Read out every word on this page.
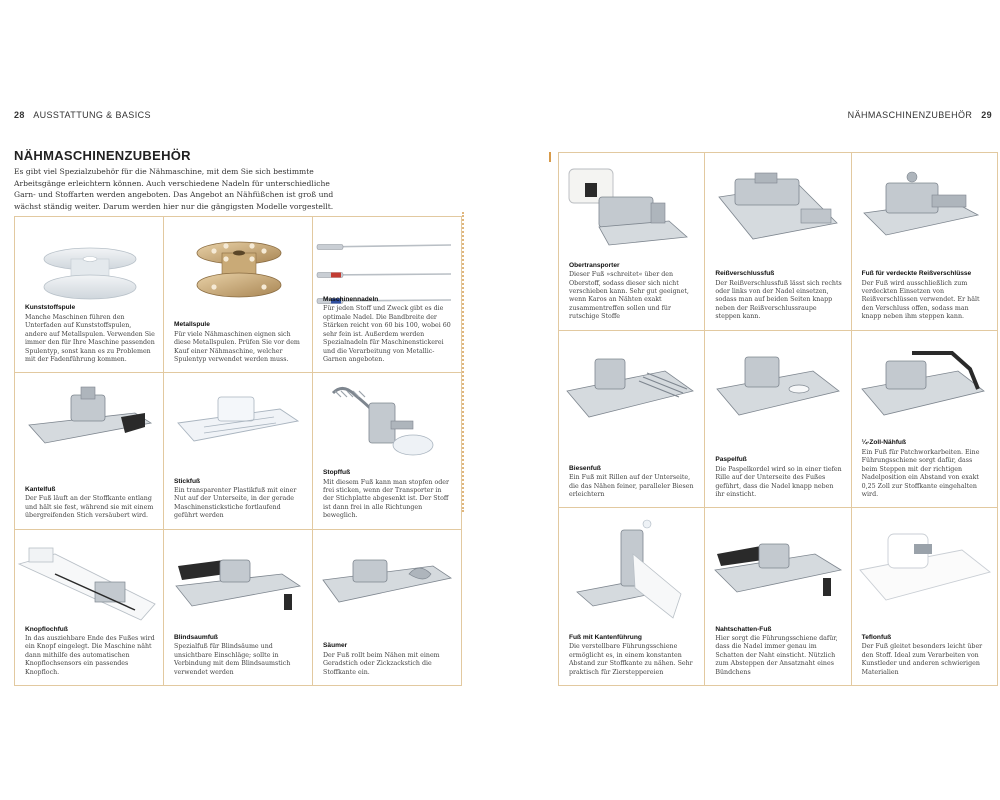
28 AUSSTATTUNG & BASICS
NÄHMASCHINENZUBEHÖR
Es gibt viel Spezialzubehör für die Nähmaschine, mit dem Sie sich bestimmte Arbeitsgänge erleichtern können. Auch verschiedene Nadeln für unterschiedliche Garn- und Stoffarten werden angeboten. Das Angebot an Nähfüßchen ist groß und wächst ständig weiter. Darum werden hier nur die gängigsten Modelle vorgestellt.
Kunststoffspule
Manche Maschinen führen den Unterfaden auf Kunststoffspulen, andere auf Metallspulen. Verwenden Sie immer den für Ihre Maschine passenden Spulentyp, sonst kann es zu Problemen mit der Fadenführung kommen.
Metallspule
Für viele Nähmaschinen eignen sich diese Metallspulen. Prüfen Sie vor dem Kauf einer Nähmaschine, welcher Spulentyp verwendet werden muss.
Maschinennadeln
Für jeden Stoff und Zweck gibt es die optimale Nadel. Die Bandbreite der Stärken reicht von 60 bis 100, wobei 60 sehr fein ist. Außerdem werden Spezialnadeln für Maschinenstickerei und die Verarbeitung von Metallic-Garnen angeboten.
Kantelfuß
Der Fuß läuft an der Stoffkante entlang und hält sie fest, während sie mit einem übergreifenden Stich versäubert wird.
Stickfuß
Ein transparenter Plastikfuß mit einer Nut auf der Unterseite, in der gerade Maschinenstickstiche fortlaufend geführt werden
Stopffuß
Mit diesem Fuß kann man stopfen oder frei sticken, wenn der Transporter in der Stichplatte abgesenkt ist. Der Stoff ist dann frei in alle Richtungen beweglich.
Knopflochfuß
In das ausziehbare Ende des Fußes wird ein Knopf eingelegt. Die Maschine näht dann mithilfe des automatischen Knopflochsensors ein passendes Knopfloch.
Blindsaumfuß
Spezialfuß für Blindsäume und unsichtbare Einschläge; sollte in Verbindung mit dem Blindsaumstich verwendet werden
Säumer
Der Fuß rollt beim Nähen mit einem Geradstich oder Zickzackstich die Stoffkante ein.
NÄHMASCHINENZUBEHÖR 29
Obertransporter
Dieser Fuß »schreitet« über den Oberstoff, sodass dieser sich nicht verschieben kann. Sehr gut geeignet, wenn Karos an Nähten exakt zusammentreffen sollen und für rutschige Stoffe
Reißverschlussfuß
Der Reißverschlussfuß lässt sich rechts oder links von der Nadel einsetzen, sodass man auf beiden Seiten knapp neben der Reißverschlussraupe steppen kann.
Fuß für verdeckte Reißverschlüsse
Der Fuß wird ausschließlich zum verdeckten Einsetzen von Reißverschlüssen verwendet. Er hält den Verschluss offen, sodass man knapp neben ihm steppen kann.
Biesenfuß
Ein Fuß mit Rillen auf der Unterseite, die das Nähen feiner, paralleler Biesen erleichtern
Paspelfuß
Die Paspelkordel wird so in einer tiefen Rille auf der Unterseite des Fußes geführt, dass die Nadel knapp neben ihr einsticht.
¼-Zoll-Nähfuß
Ein Fuß für Patchworkarbeiten. Eine Führungsschiene sorgt dafür, dass beim Steppen mit der richtigen Nadelposition ein Abstand von exakt 0,25 Zoll zur Stoffkante eingehalten wird.
Fuß mit Kantenführung
Die verstellbare Führungsschiene ermöglicht es, in einem konstanten Abstand zur Stoffkante zu nähen. Sehr praktisch für Ziersteppereien
Nahtschatten-Fuß
Hier sorgt die Führungsschiene dafür, dass die Nadel immer genau im Schatten der Naht einsticht. Nützlich zum Absteppen der Ansatznaht eines Bündchens
Teflonfuß
Der Fuß gleitet besonders leicht über den Stoff. Ideal zum Verarbeiten von Kunstleder und anderen schwierigen Materialien
